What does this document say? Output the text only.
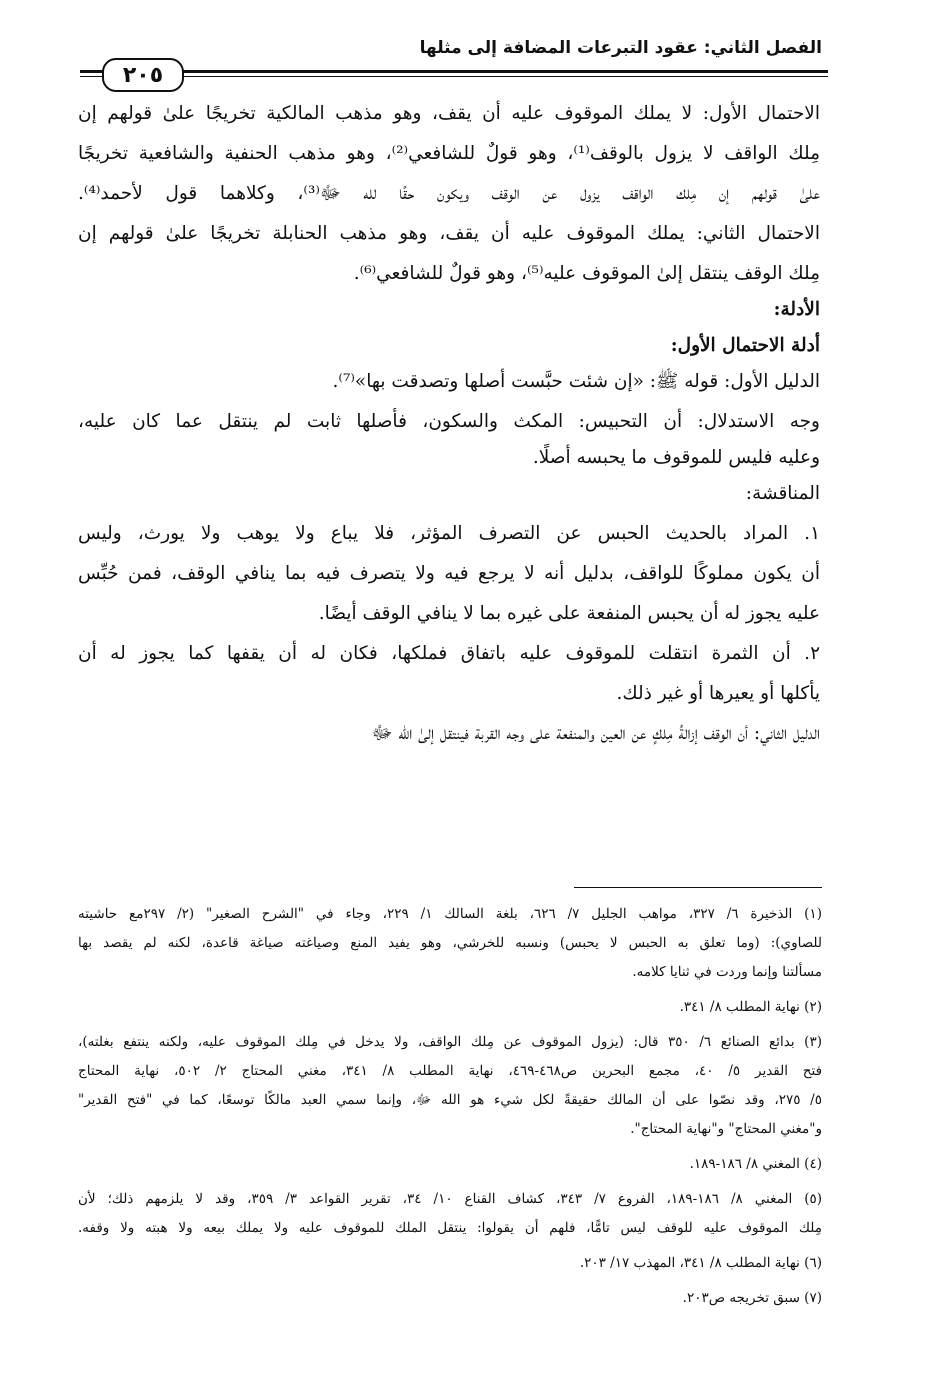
الفصل الثاني: عقود التبرعات المضافة إلى مثلها
٢٠٥
الاحتمال الأول: لا يملك الموقوف عليه أن يقف، وهو مذهب المالكية تخريجًا علىٰ قولهم إن
مِلك الواقف لا يزول بالوقف⁽¹⁾، وهو قولٌ للشافعي⁽²⁾، وهو مذهب الحنفية والشافعية تخريجًا
علىٰ قولهم إن مِلك الواقف يزول عن الوقف ويكون حقًا لله ﷻ⁽³⁾، وكلاهما قول لأحمد⁽⁴⁾.
الاحتمال الثاني: يملك الموقوف عليه أن يقف، وهو مذهب الحنابلة تخريجًا علىٰ قولهم إن
مِلك الوقف ينتقل إلىٰ الموقوف عليه⁽⁵⁾، وهو قولٌ للشافعي⁽⁶⁾.
الأدلة:
أدلة الاحتمال الأول:
الدليل الأول: قوله ﷺ: «إن شئت حبَّست أصلها وتصدقت بها»⁽⁷⁾.
وجه الاستدلال: أن التحبيس: المكث والسكون، فأصلها ثابت لم ينتقل عما كان عليه،
وعليه فليس للموقوف ما يحبسه أصلًا.
المناقشة:
١. المراد بالحديث الحبس عن التصرف المؤثر، فلا يباع ولا يوهب ولا يورث، وليس
أن يكون مملوكًا للواقف، بدليل أنه لا يرجع فيه ولا يتصرف فيه بما ينافي الوقف، فمن حُبِّس
عليه يجوز له أن يحبس المنفعة على غيره بما لا ينافي الوقف أيضًا.
٢. أن الثمرة انتقلت للموقوف عليه باتفاق فملكها، فكان له أن يقفها كما يجوز له أن
يأكلها أو يعيرها أو غير ذلك.
الدليل الثاني: أن الوقف إزالةُ مِلكٍ عن العين والمنفعة على وجه القربة فينتقل إلىٰ الله ﷻ
(١) الذخيرة ٦/ ٣٢٧، مواهب الجليل ٧/ ٦٢٦، بلغة السالك ١/ ٢٢٩، وجاء في "الشرح الصغير" (٢/ ٢٩٧مع حاشيته
للصاوي): (وما تعلق به الحبس لا يحبس) ونسبه للخرشي، وهو يفيد المنع وصياغته صياغة قاعدة، لكنه لم يقصد بها
مسألتنا وإنما وردت في ثنايا كلامه.
(٢) نهاية المطلب ٨/ ٣٤١.
(٣) بدائع الصنائع ٦/ ٣٥٠ قال: (يزول الموقوف عن مِلك الواقف، ولا يدخل في مِلك الموقوف عليه، ولكنه ينتفع بغلته)،
فتح القدير ٥/ ٤٠، مجمع البحرين ص٤٦٨-٤٦٩، نهاية المطلب ٨/ ٣٤١، مغني المحتاج ٢/ ٥٠٢، نهاية المحتاج
٥/ ٢٧٥، وقد نصّوا على أن المالك حقيقةً لكل شيء هو الله ﷻ، وإنما سمي العبد مالكًا توسعًا، كما في "فتح القدير"
و"مغني المحتاج" و"نهاية المحتاج".
(٤) المغني ٨/ ١٨٦-١٨٩.
(٥) المغني ٨/ ١٨٦-١٨٩، الفروع ٧/ ٣٤٣، كشاف القناع ١٠/ ٣٤، تقرير القواعد ٣/ ٣٥٩، وقد لا يلزمهم ذلك؛ لأن
مِلك الموقوف عليه للوقف ليس تامًّا، فلهم أن يقولوا: ينتقل الملك للموقوف عليه ولا يملك بيعه ولا هبته ولا وقفه.
(٦) نهاية المطلب ٨/ ٣٤١، المهذب ١٧/ ٢٠٣.
(٧) سبق تخريجه ص٢٠٣.
